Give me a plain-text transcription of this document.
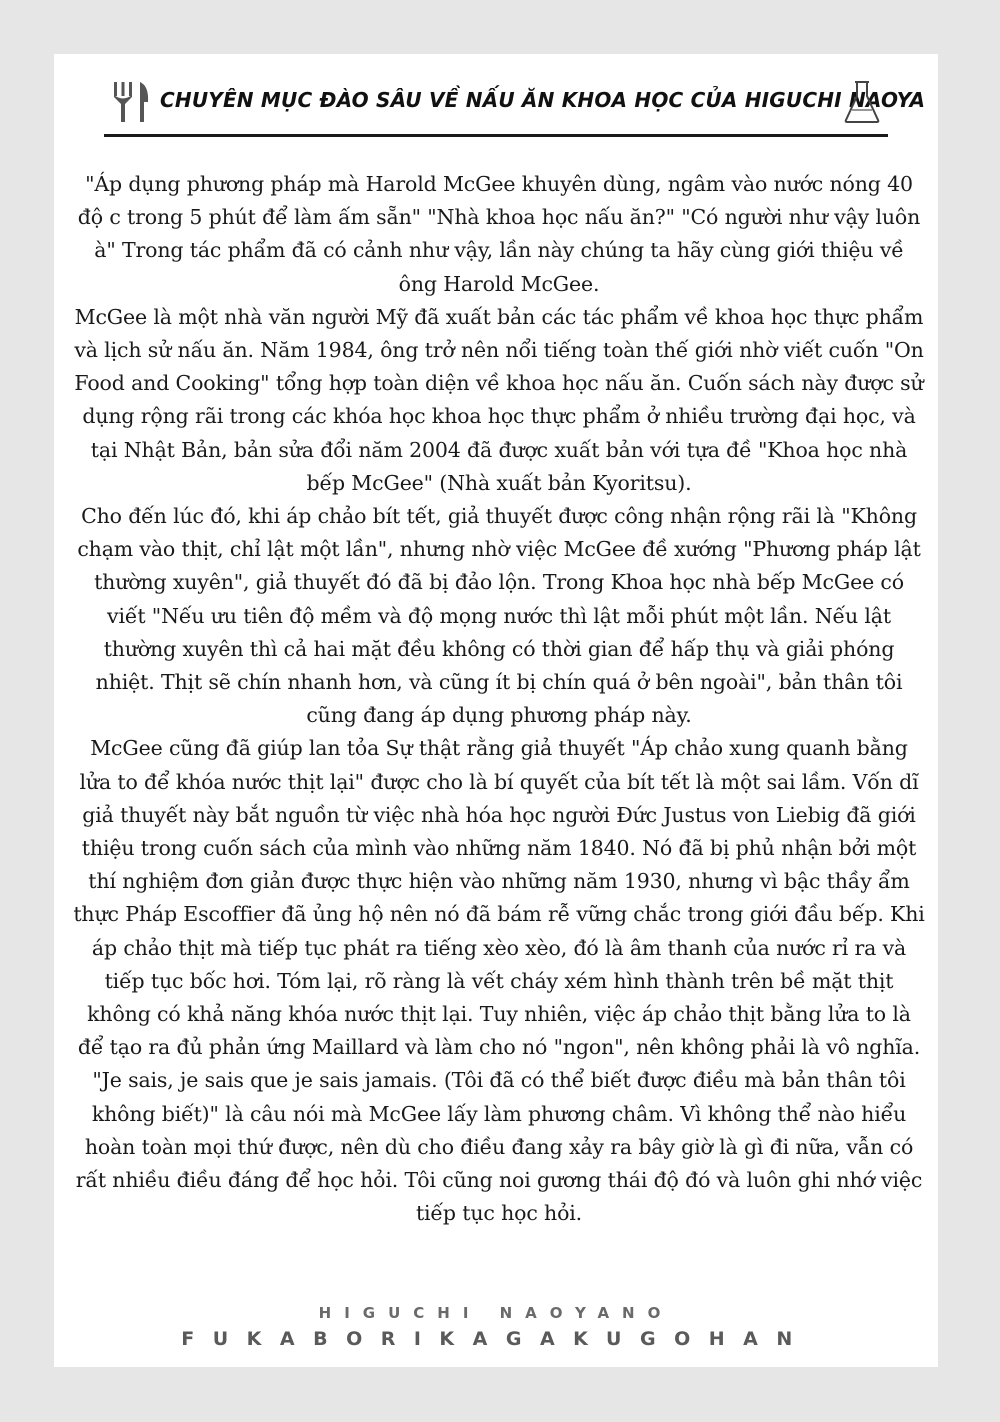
CHUYÊN MỤC ĐÀO SÂU VỀ NẤU ĂN KHOA HỌC CỦA HIGUCHI NAOYA

"Áp dụng phương pháp mà Harold McGee khuyên dùng, ngâm vào nước nóng 40 độ c trong 5 phút để làm ấm sẵn" "Nhà khoa học nấu ăn?" "Có người như vậy luôn à" Trong tác phẩm đã có cảnh như vậy, lần này chúng ta hãy cùng giới thiệu về ông Harold McGee.

McGee là một nhà văn người Mỹ đã xuất bản các tác phẩm về khoa học thực phẩm và lịch sử nấu ăn. Năm 1984, ông trở nên nổi tiếng toàn thế giới nhờ viết cuốn "On Food and Cooking" tổng hợp toàn diện về khoa học nấu ăn. Cuốn sách này được sử dụng rộng rãi trong các khóa học khoa học thực phẩm ở nhiều trường đại học, và tại Nhật Bản, bản sửa đổi năm 2004 đã được xuất bản với tựa đề "Khoa học nhà bếp McGee" (Nhà xuất bản Kyoritsu).

Cho đến lúc đó, khi áp chảo bít tết, giả thuyết được công nhận rộng rãi là "Không chạm vào thịt, chỉ lật một lần", nhưng nhờ việc McGee đề xướng "Phương pháp lật thường xuyên", giả thuyết đó đã bị đảo lộn. Trong Khoa học nhà bếp McGee có viết "Nếu ưu tiên độ mềm và độ mọng nước thì lật mỗi phút một lần. Nếu lật thường xuyên thì cả hai mặt đều không có thời gian để hấp thụ và giải phóng nhiệt. Thịt sẽ chín nhanh hơn, và cũng ít bị chín quá ở bên ngoài", bản thân tôi cũng đang áp dụng phương pháp này.

McGee cũng đã giúp lan tỏa Sự thật rằng giả thuyết "Áp chảo xung quanh bằng lửa to để khóa nước thịt lại" được cho là bí quyết của bít tết là một sai lầm. Vốn dĩ giả thuyết này bắt nguồn từ việc nhà hóa học người Đức Justus von Liebig đã giới thiệu trong cuốn sách của mình vào những năm 1840. Nó đã bị phủ nhận bởi một thí nghiệm đơn giản được thực hiện vào những năm 1930, nhưng vì bậc thầy ẩm thực Pháp Escoffier đã ủng hộ nên nó đã bám rễ vững chắc trong giới đầu bếp. Khi áp chảo thịt mà tiếp tục phát ra tiếng xèo xèo, đó là âm thanh của nước rỉ ra và tiếp tục bốc hơi. Tóm lại, rõ ràng là vết cháy xém hình thành trên bề mặt thịt không có khả năng khóa nước thịt lại. Tuy nhiên, việc áp chảo thịt bằng lửa to là để tạo ra đủ phản ứng Maillard và làm cho nó "ngon", nên không phải là vô nghĩa.

"Je sais, je sais que je sais jamais. (Tôi đã có thể biết được điều mà bản thân tôi không biết)" là câu nói mà McGee lấy làm phương châm. Vì không thể nào hiểu hoàn toàn mọi thứ được, nên dù cho điều đang xảy ra bây giờ là gì đi nữa, vẫn có rất nhiều điều đáng để học hỏi. Tôi cũng noi gương thái độ đó và luôn ghi nhớ việc tiếp tục học hỏi.

HIGUCHI NAOYANO
FUKABORIKAGAKUGOHAN
